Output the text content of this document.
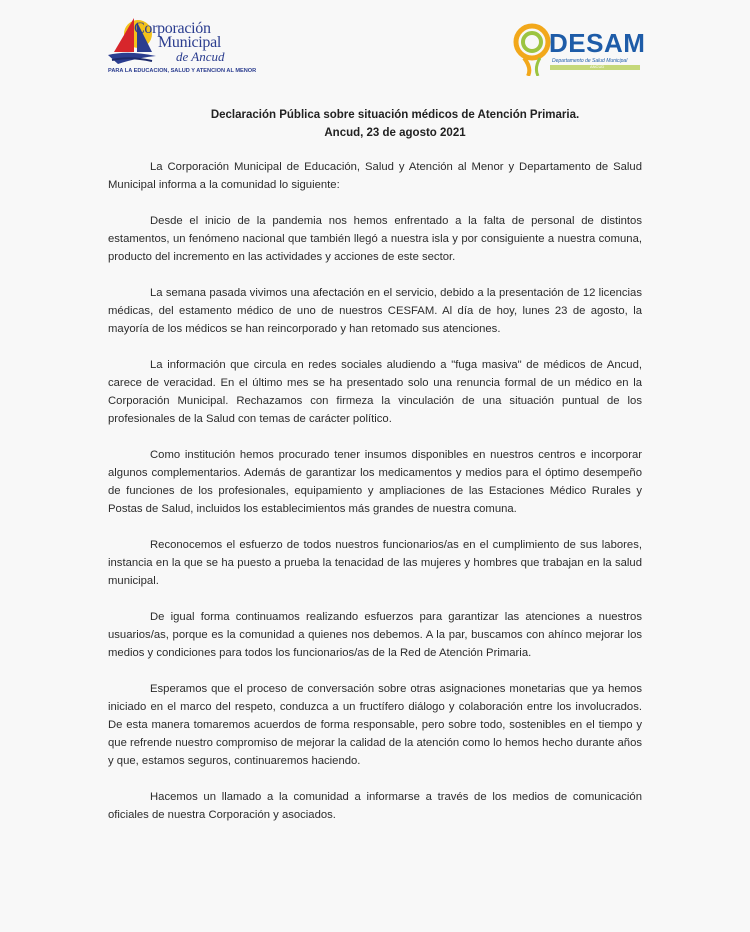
Corporación
Municipal
de Ancud
PARA LA EDUCACION, SALUD Y ATENCION AL MENOR
DESAM
Departamento de Salud Municipal
ANCUD
Declaración Pública sobre situación médicos de Atención Primaria.
Ancud, 23 de agosto 2021

La Corporación Municipal de Educación, Salud y Atención al Menor y Departamento de Salud Municipal informa a la comunidad lo siguiente:

Desde el inicio de la pandemia nos hemos enfrentado a la falta de personal de distintos estamentos, un fenómeno nacional que también llegó a nuestra isla y por consiguiente a nuestra comuna, producto del incremento en las actividades y acciones de este sector.

La semana pasada vivimos una afectación en el servicio, debido a la presentación de 12 licencias médicas, del estamento médico de uno de nuestros CESFAM. Al día de hoy, lunes 23 de agosto, la mayoría de los médicos se han reincorporado y han retomado sus atenciones.

La información que circula en redes sociales aludiendo a "fuga masiva" de médicos de Ancud, carece de veracidad. En el último mes se ha presentado solo una renuncia formal de un médico en la Corporación Municipal. Rechazamos con firmeza la vinculación de una situación puntual de los profesionales de la Salud con temas de carácter político.

Como institución hemos procurado tener insumos disponibles en nuestros centros e incorporar algunos complementarios. Además de garantizar los medicamentos y medios para el óptimo desempeño de funciones de los profesionales, equipamiento y ampliaciones de las Estaciones Médico Rurales y Postas de Salud, incluidos los establecimientos más grandes de nuestra comuna.

Reconocemos el esfuerzo de todos nuestros funcionarios/as en el cumplimiento de sus labores, instancia en la que se ha puesto a prueba la tenacidad de las mujeres y hombres que trabajan en la salud municipal.

De igual forma continuamos realizando esfuerzos para garantizar las atenciones a nuestros usuarios/as, porque es la comunidad a quienes nos debemos. A la par, buscamos con ahínco mejorar los medios y condiciones para todos los funcionarios/as de la Red de Atención Primaria.

Esperamos que el proceso de conversación sobre otras asignaciones monetarias que ya hemos iniciado en el marco del respeto, conduzca a un fructífero diálogo y colaboración entre los involucrados. De esta manera tomaremos acuerdos de forma responsable, pero sobre todo, sostenibles en el tiempo y que refrende nuestro compromiso de mejorar la calidad de la atención como lo hemos hecho durante años y que, estamos seguros, continuaremos haciendo.

Hacemos un llamado a la comunidad a informarse a través de los medios de comunicación oficiales de nuestra Corporación y asociados.
